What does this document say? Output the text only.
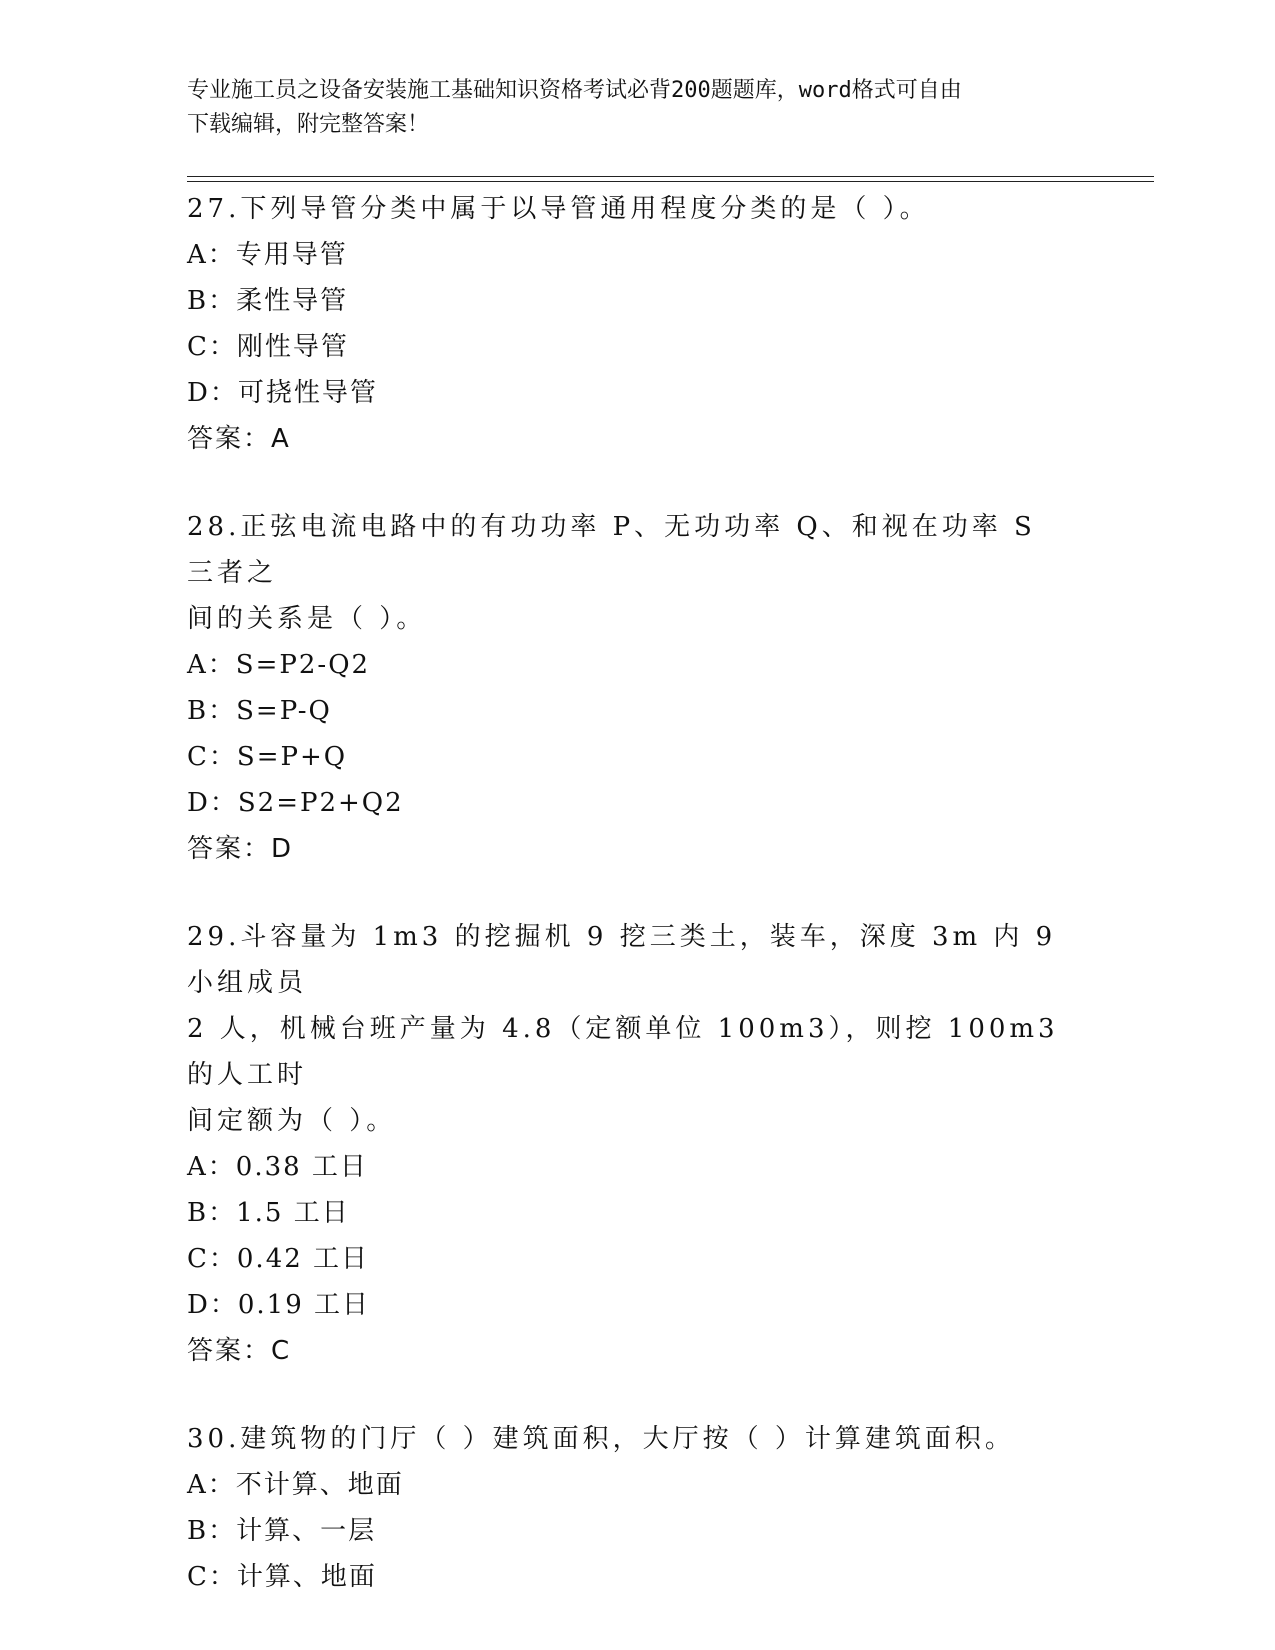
专业施工员之设备安装施工基础知识资格考试必背200题题库，word格式可自由
下载编辑，附完整答案！
27.下列导管分类中属于以导管通用程度分类的是（ ）。
A：专用导管
B：柔性导管
C：刚性导管
D：可挠性导管
答案：A
28.正弦电流电路中的有功功率 P、无功功率 Q、和视在功率 S 三者之
间的关系是（ ）。
A：S=P2-Q2
B：S=P-Q
C：S=P+Q
D：S2=P2+Q2
答案：D
29.斗容量为 1m3 的挖掘机 9 挖三类土，装车，深度 3m 内 9 小组成员
2 人，机械台班产量为 4.8（定额单位 100m3），则挖 100m3 的人工时
间定额为（ ）。
A：0.38 工日
B：1.5 工日
C：0.42 工日
D：0.19 工日
答案：C
30.建筑物的门厅（ ）建筑面积，大厅按（ ）计算建筑面积。
A：不计算、地面
B：计算、一层
C：计算、地面
